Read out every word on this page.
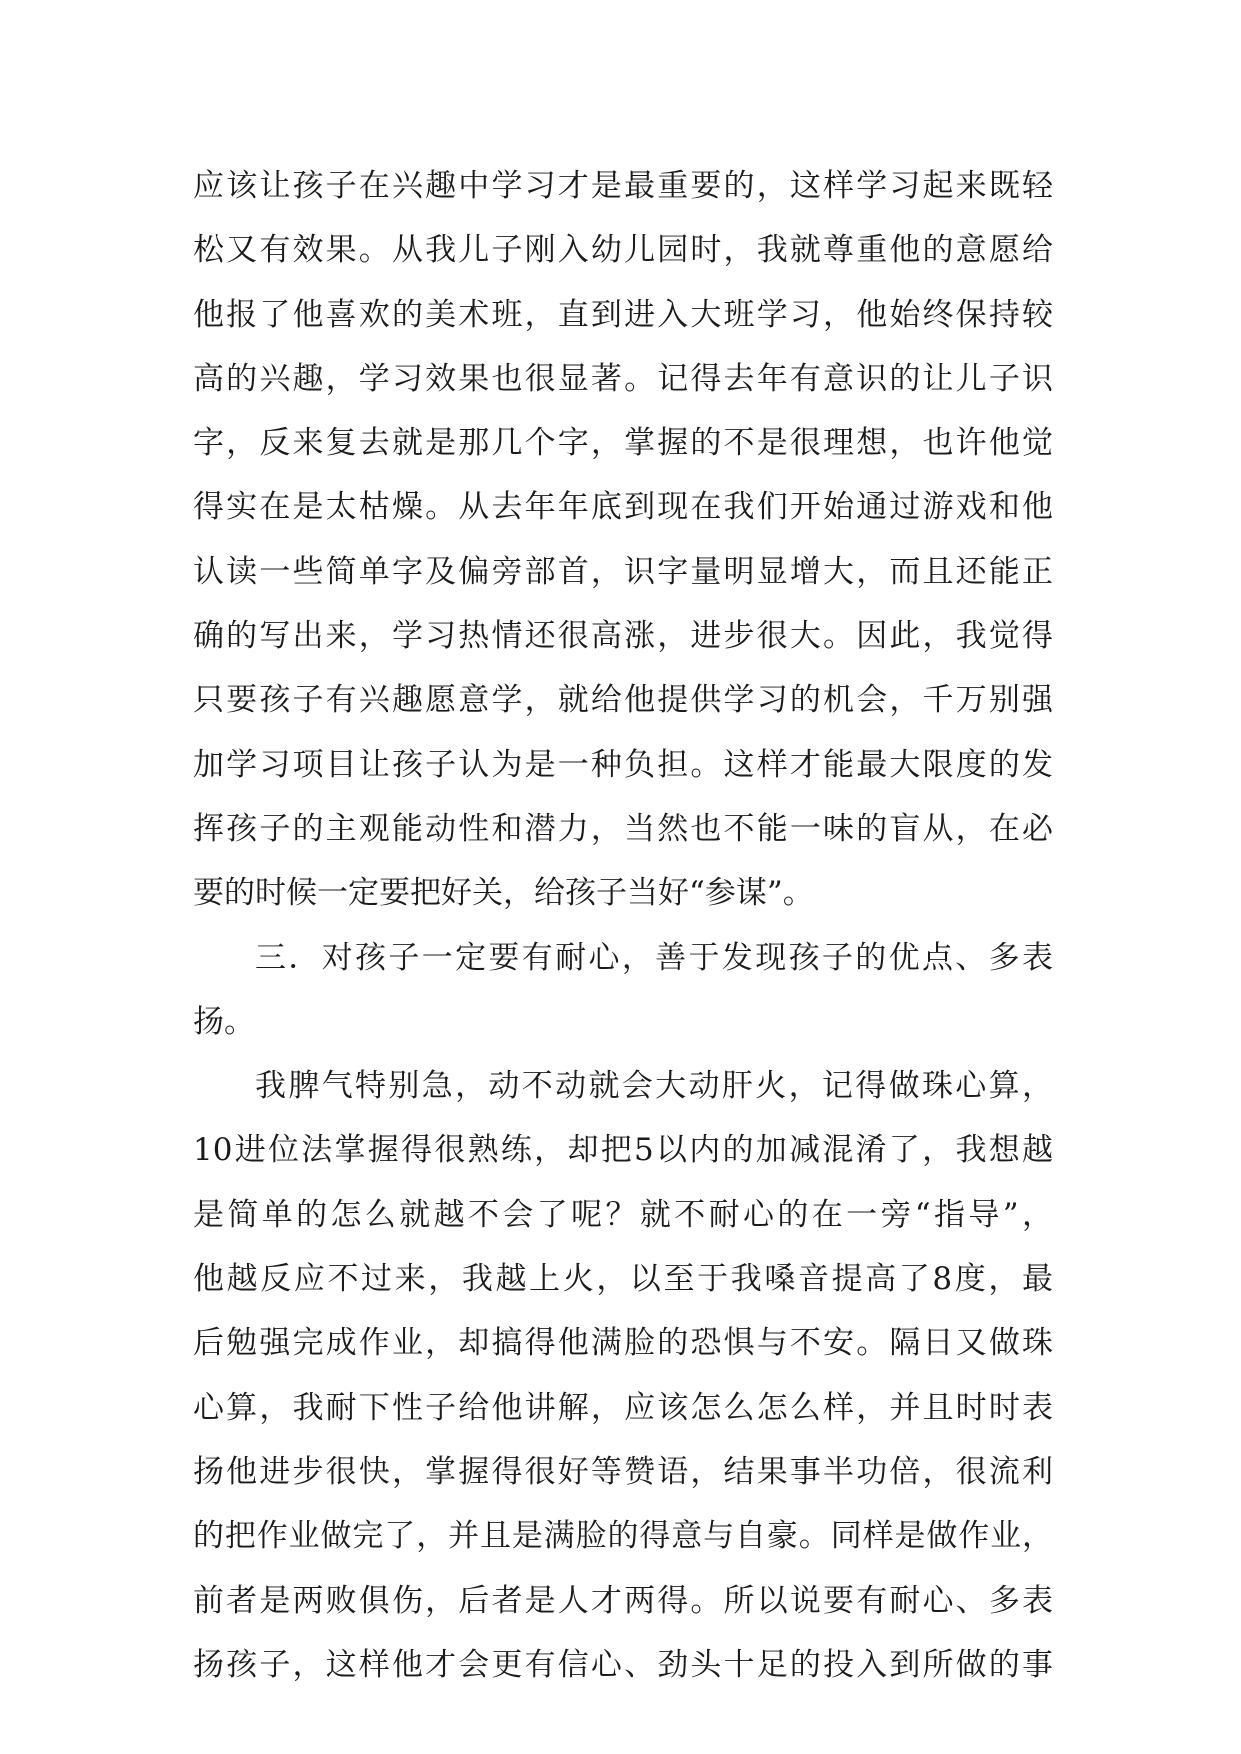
应该让孩子在兴趣中学习才是最重要的，这样学习起来既轻
松又有效果。从我儿子刚入幼儿园时，我就尊重他的意愿给
他报了他喜欢的美术班，直到进入大班学习，他始终保持较
高的兴趣，学习效果也很显著。记得去年有意识的让儿子识
字，反来复去就是那几个字，掌握的不是很理想，也许他觉
得实在是太枯燥。从去年年底到现在我们开始通过游戏和他
认读一些简单字及偏旁部首，识字量明显增大，而且还能正
确的写出来，学习热情还很高涨，进步很大。因此，我觉得
只要孩子有兴趣愿意学，就给他提供学习的机会，千万别强
加学习项目让孩子认为是一种负担。这样才能最大限度的发
挥孩子的主观能动性和潜力，当然也不能一味的盲从，在必
要的时候一定要把好关，给孩子当好“参谋”。
三．对孩子一定要有耐心，善于发现孩子的优点、多表
扬。
我脾气特别急，动不动就会大动肝火，记得做珠心算，
10进位法掌握得很熟练，却把5以内的加减混淆了，我想越
是简单的怎么就越不会了呢？就不耐心的在一旁“指导”，
他越反应不过来，我越上火，以至于我嗓音提高了8度，最
后勉强完成作业，却搞得他满脸的恐惧与不安。隔日又做珠
心算，我耐下性子给他讲解，应该怎么怎么样，并且时时表
扬他进步很快，掌握得很好等赞语，结果事半功倍，很流利
的把作业做完了，并且是满脸的得意与自豪。同样是做作业，
前者是两败俱伤，后者是人才两得。所以说要有耐心、多表
扬孩子，这样他才会更有信心、劲头十足的投入到所做的事
